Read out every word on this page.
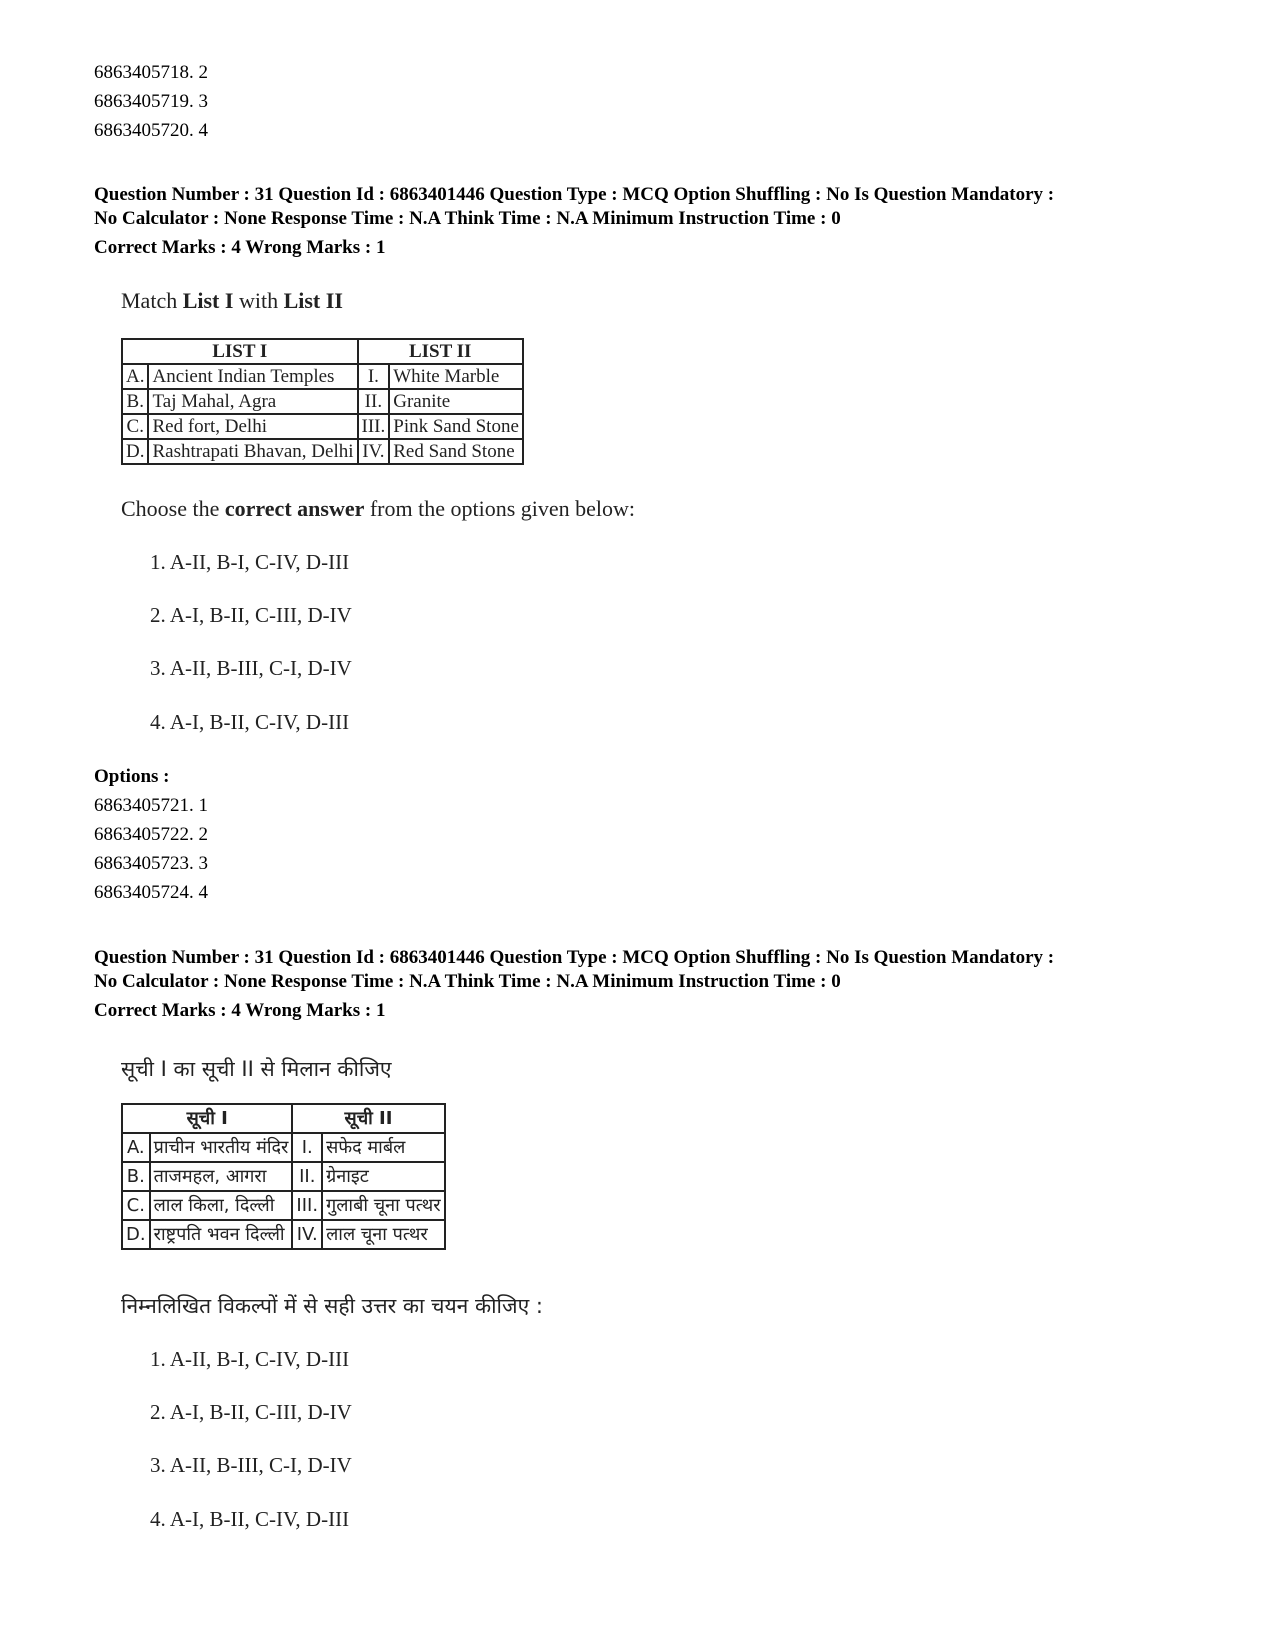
6863405718. 2
6863405719. 3
6863405720. 4
Question Number : 31 Question Id : 6863401446 Question Type : MCQ Option Shuffling : No Is Question Mandatory :
No Calculator : None Response Time : N.A Think Time : N.A Minimum Instruction Time : 0
Correct Marks : 4 Wrong Marks : 1
Match List I with List II
LIST I		LIST II	
A.	Ancient Indian Temples	I.	White Marble
B.	Taj Mahal, Agra	II.	Granite
C.	Red fort, Delhi	III.	Pink Sand Stone
D.	Rashtrapati Bhavan, Delhi	IV.	Red Sand Stone
Choose the correct answer from the options given below:
1. A-II, B-I, C-IV, D-III
2. A-I, B-II, C-III, D-IV
3. A-II, B-III, C-I, D-IV
4. A-I, B-II, C-IV, D-III
Options :
6863405721. 1
6863405722. 2
6863405723. 3
6863405724. 4
Question Number : 31 Question Id : 6863401446 Question Type : MCQ Option Shuffling : No Is Question Mandatory :
No Calculator : None Response Time : N.A Think Time : N.A Minimum Instruction Time : 0
Correct Marks : 4 Wrong Marks : 1
सूची I का सूची II से मिलान कीजिए
सूची I		सूची II	
A.	प्राचीन भारतीय मंदिर	I.	सफेद मार्बल
B.	ताजमहल, आगरा	II.	ग्रेनाइट
C.	लाल किला, दिल्ली	III.	गुलाबी चूना पत्थर
D.	राष्ट्रपति भवन दिल्ली	IV.	लाल चूना पत्थर
निम्नलिखित विकल्पों में से सही उत्तर का चयन कीजिए :
1. A-II, B-I, C-IV, D-III
2. A-I, B-II, C-III, D-IV
3. A-II, B-III, C-I, D-IV
4. A-I, B-II, C-IV, D-III
